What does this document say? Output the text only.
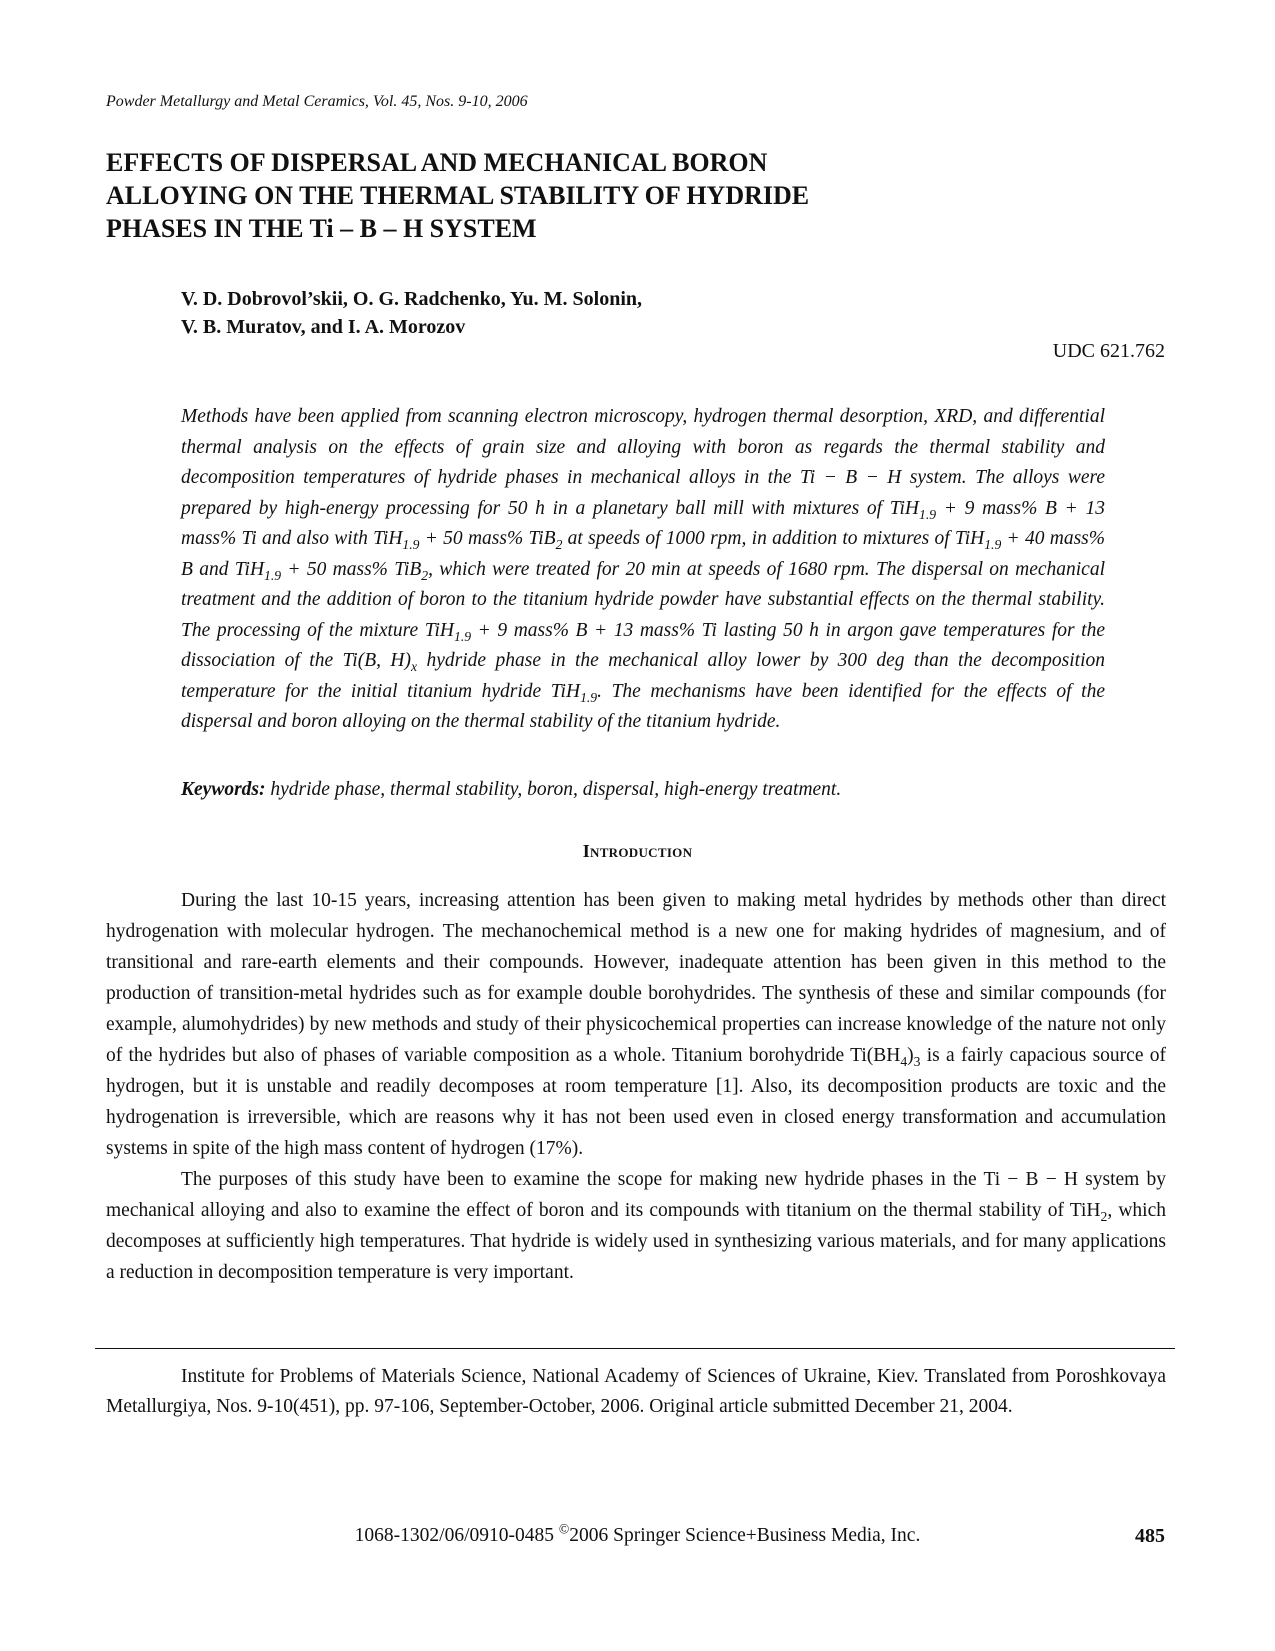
Powder Metallurgy and Metal Ceramics, Vol. 45, Nos. 9-10, 2006
EFFECTS OF DISPERSAL AND MECHANICAL BORON
ALLOYING ON THE THERMAL STABILITY OF HYDRIDE
PHASES IN THE Ti – B – H SYSTEM
V. D. Dobrovol’skii, O. G. Radchenko, Yu. M. Solonin,
V. B. Muratov, and I. A. Morozov
UDC 621.762

Methods have been applied from scanning electron microscopy, hydrogen thermal desorption, XRD, and differential thermal analysis on the effects of grain size and alloying with boron as regards the thermal stability and decomposition temperatures of hydride phases in mechanical alloys in the Ti − B − H system. The alloys were prepared by high-energy processing for 50 h in a planetary ball mill with mixtures of TiH$_{1.9}$ + 9 mass% B + 13 mass% Ti and also with TiH$_{1.9}$ + 50 mass% TiB$_2$ at speeds of 1000 rpm, in addition to mixtures of TiH$_{1.9}$ + 40 mass% B and TiH$_{1.9}$ + 50 mass% TiB$_2$, which were treated for 20 min at speeds of 1680 rpm. The dispersal on mechanical treatment and the addition of boron to the titanium hydride powder have substantial effects on the thermal stability. The processing of the mixture TiH$_{1.9}$ + 9 mass% B + 13 mass% Ti lasting 50 h in argon gave temperatures for the dissociation of the Ti(B, $H)_x$ hydride phase in the mechanical alloy lower by 300 deg than the decomposition temperature for the initial titanium hydride TiH$_{1.9}$. The mechanisms have been identified for the effects of the dispersal and boron alloying on the thermal stability of the titanium hydride.

Keywords: hydride phase, thermal stability, boron, dispersal, high-energy treatment.

Introduction

During the last 10-15 years, increasing attention has been given to making metal hydrides by methods other than direct hydrogenation with molecular hydrogen. The mechanochemical method is a new one for making hydrides of magnesium, and of transitional and rare-earth elements and their compounds. However, inadequate attention has been given in this method to the production of transition-metal hydrides such as for example double borohydrides. The synthesis of these and similar compounds (for example, alumohydrides) by new methods and study of their physicochemical properties can increase knowledge of the nature not only of the hydrides but also of phases of variable composition as a whole. Titanium borohydride $Ti(BH_4)_3$ is a fairly capacious source of hydrogen, but it is unstable and readily decomposes at room temperature [1]. Also, its decomposition products are toxic and the hydrogenation is irreversible, which are reasons why it has not been used even in closed energy transformation and accumulation systems in spite of the high mass content of hydrogen (17%).

The purposes of this study have been to examine the scope for making new hydride phases in the Ti − B − H system by mechanical alloying and also to examine the effect of boron and its compounds with titanium on the thermal stability of TiH$_2$, which decomposes at sufficiently high temperatures. That hydride is widely used in synthesizing various materials, and for many applications a reduction in decomposition temperature is very important.

Institute for Problems of Materials Science, National Academy of Sciences of Ukraine, Kiev. Translated from Poroshkovaya Metallurgiya, Nos. 9-10(451), pp. 97-106, September-October, 2006. Original article submitted December 21, 2004.

1068-1302/06/0910-0485 ©2006 Springer Science+Business Media, Inc.	485
